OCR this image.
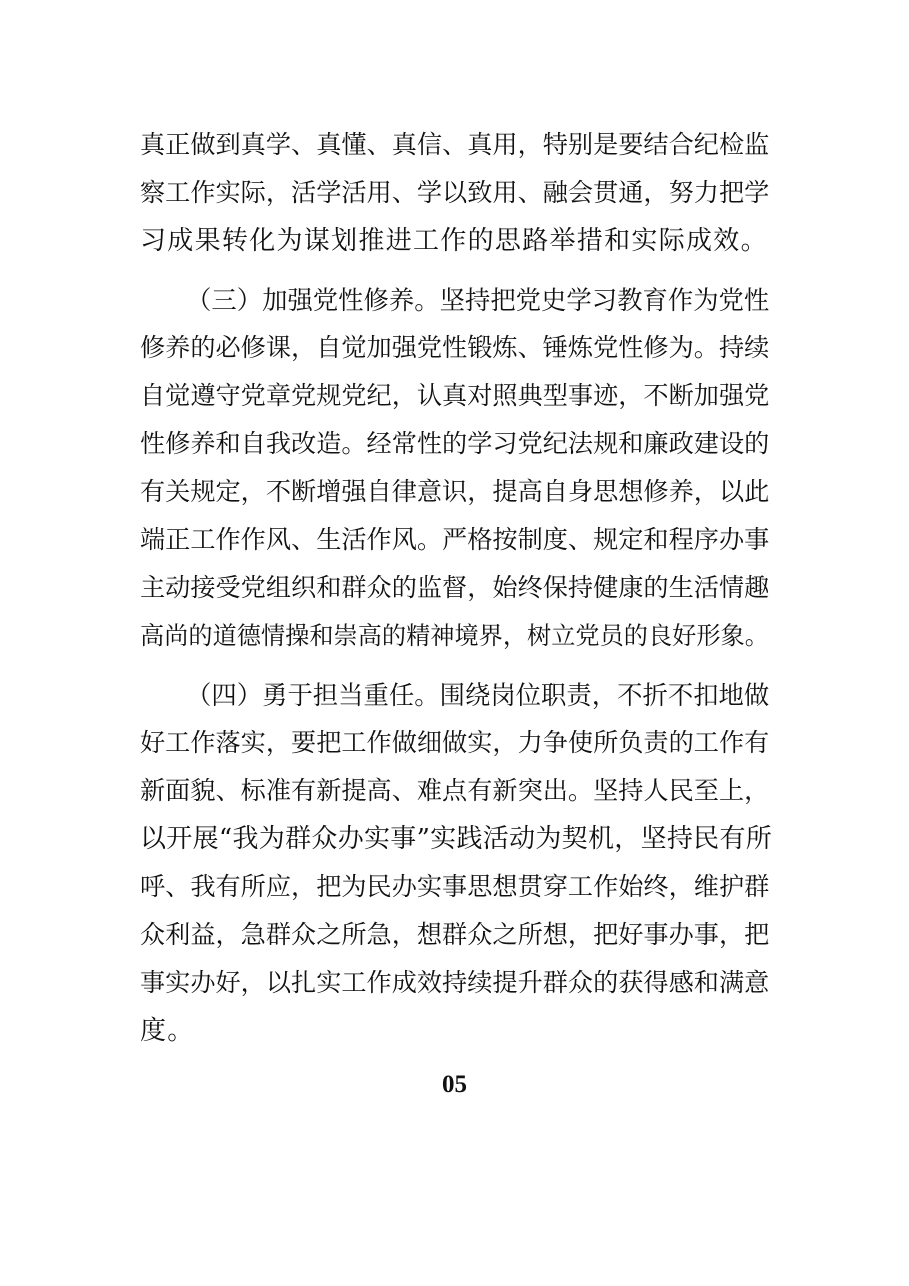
真正做到真学、真懂、真信、真用，特别是要结合纪检监
察工作实际，活学活用、学以致用、融会贯通，努力把学
习成果转化为谋划推进工作的思路举措和实际成效。
（三）加强党性修养。坚持把党史学习教育作为党性
修养的必修课，自觉加强党性锻炼、锤炼党性修为。持续
自觉遵守党章党规党纪，认真对照典型事迹，不断加强党
性修养和自我改造。经常性的学习党纪法规和廉政建设的
有关规定，不断增强自律意识，提高自身思想修养，以此
端正工作作风、生活作风。严格按制度、规定和程序办事
主动接受党组织和群众的监督，始终保持健康的生活情趣
高尚的道德情操和崇高的精神境界，树立党员的良好形象。
（四）勇于担当重任。围绕岗位职责，不折不扣地做
好工作落实，要把工作做细做实，力争使所负责的工作有
新面貌、标准有新提高、难点有新突出。坚持人民至上，
以开展“我为群众办实事”实践活动为契机，坚持民有所
呼、我有所应，把为民办实事思想贯穿工作始终，维护群
众利益，急群众之所急，想群众之所想，把好事办事，把
事实办好，以扎实工作成效持续提升群众的获得感和满意
度。
05
